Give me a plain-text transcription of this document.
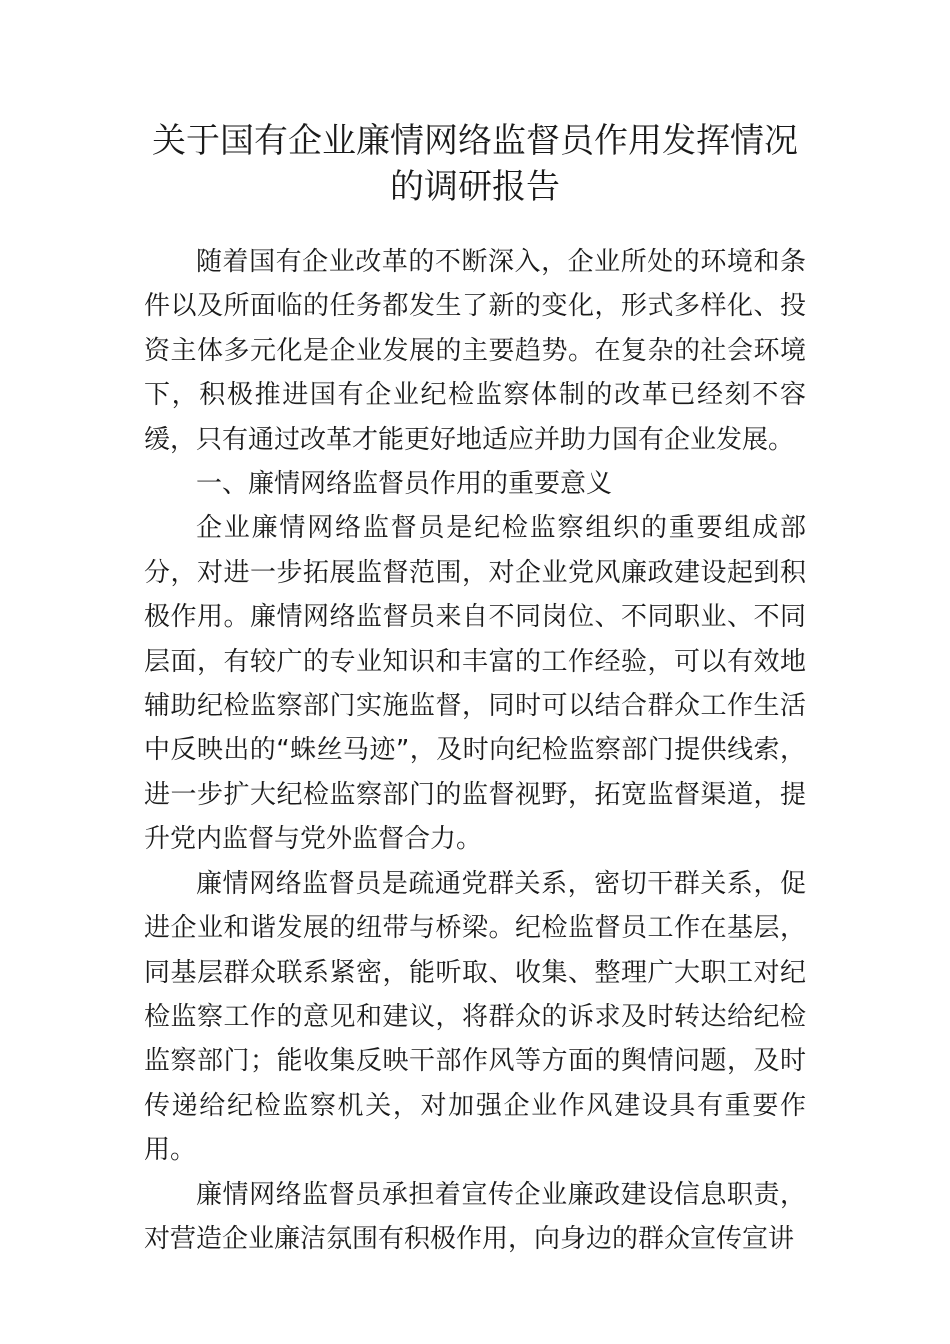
关于国有企业廉情网络监督员作用发挥情况的调研报告

随着国有企业改革的不断深入，企业所处的环境和条件以及所面临的任务都发生了新的变化，形式多样化、投资主体多元化是企业发展的主要趋势。在复杂的社会环境下，积极推进国有企业纪检监察体制的改革已经刻不容缓，只有通过改革才能更好地适应并助力国有企业发展。

一、廉情网络监督员作用的重要意义

企业廉情网络监督员是纪检监察组织的重要组成部分，对进一步拓展监督范围，对企业党风廉政建设起到积极作用。廉情网络监督员来自不同岗位、不同职业、不同层面，有较广的专业知识和丰富的工作经验，可以有效地辅助纪检监察部门实施监督，同时可以结合群众工作生活中反映出的“蛛丝马迹”，及时向纪检监察部门提供线索，进一步扩大纪检监察部门的监督视野，拓宽监督渠道，提升党内监督与党外监督合力。

廉情网络监督员是疏通党群关系，密切干群关系，促进企业和谐发展的纽带与桥梁。纪检监督员工作在基层，同基层群众联系紧密，能听取、收集、整理广大职工对纪检监察工作的意见和建议，将群众的诉求及时转达给纪检监察部门；能收集反映干部作风等方面的舆情问题，及时传递给纪检监察机关，对加强企业作风建设具有重要作用。

廉情网络监督员承担着宣传企业廉政建设信息职责，对营造企业廉洁氛围有积极作用，向身边的群众宣传宣讲
